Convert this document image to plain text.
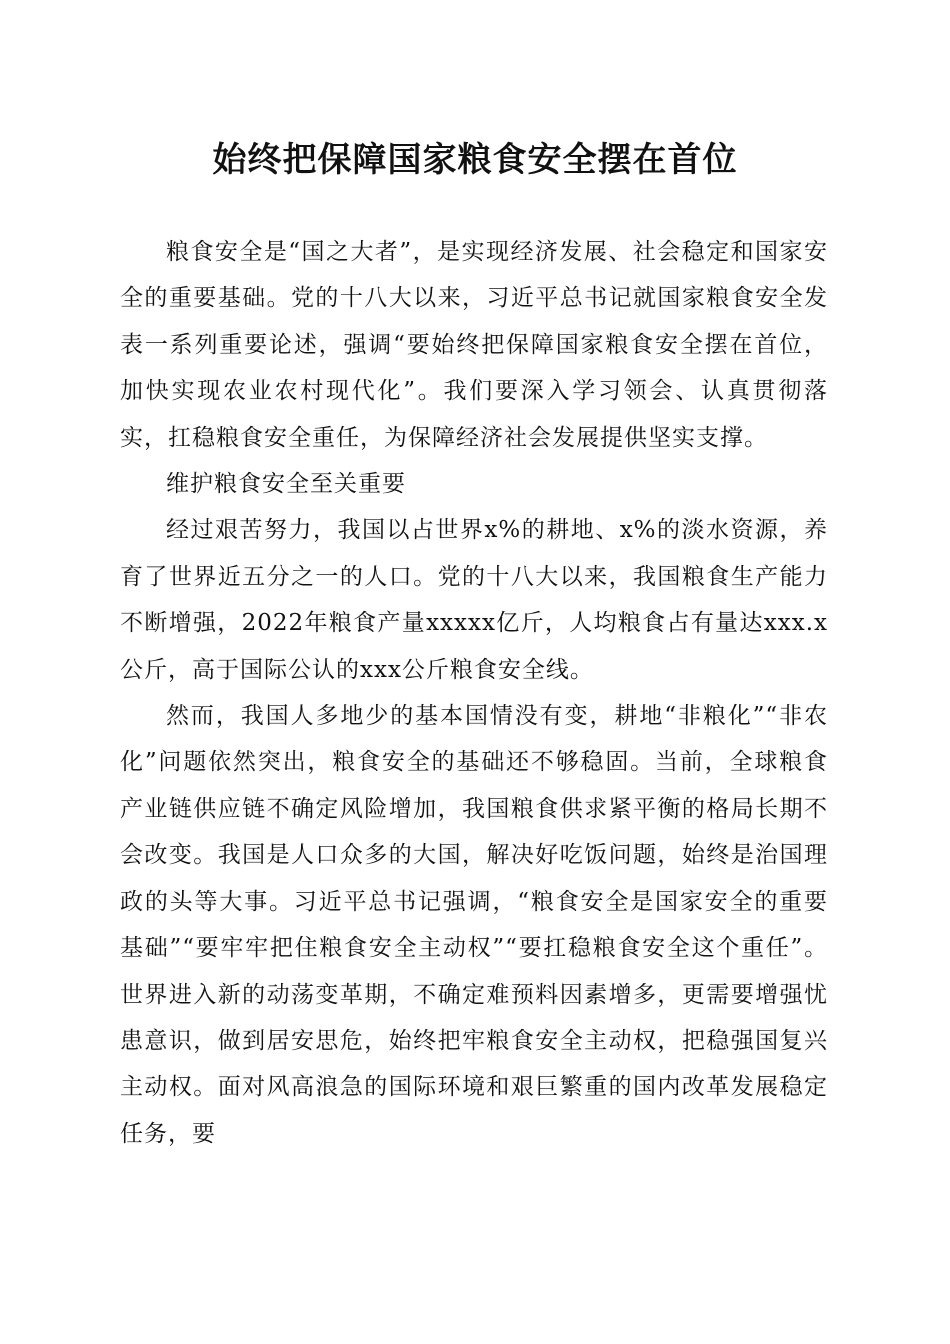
始终把保障国家粮食安全摆在首位

粮食安全是“国之大者”，是实现经济发展、社会稳定和国家安全的重要基础。党的十八大以来，习近平总书记就国家粮食安全发表一系列重要论述，强调“要始终把保障国家粮食安全摆在首位，加快实现农业农村现代化”。我们要深入学习领会、认真贯彻落实，扛稳粮食安全重任，为保障经济社会发展提供坚实支撑。

维护粮食安全至关重要

经过艰苦努力，我国以占世界x%的耕地、x%的淡水资源，养育了世界近五分之一的人口。党的十八大以来，我国粮食生产能力不断增强，2022年粮食产量xxxxx亿斤，人均粮食占有量达xxx.x公斤，高于国际公认的xxx公斤粮食安全线。

然而，我国人多地少的基本国情没有变，耕地“非粮化”“非农化”问题依然突出，粮食安全的基础还不够稳固。当前，全球粮食产业链供应链不确定风险增加，我国粮食供求紧平衡的格局长期不会改变。我国是人口众多的大国，解决好吃饭问题，始终是治国理政的头等大事。习近平总书记强调，“粮食安全是国家安全的重要基础”“要牢牢把住粮食安全主动权”“要扛稳粮食安全这个重任”。世界进入新的动荡变革期，不确定难预料因素增多，更需要增强忧患意识，做到居安思危，始终把牢粮食安全主动权，把稳强国复兴主动权。面对风高浪急的国际环境和艰巨繁重的国内改革发展稳定任务，要
